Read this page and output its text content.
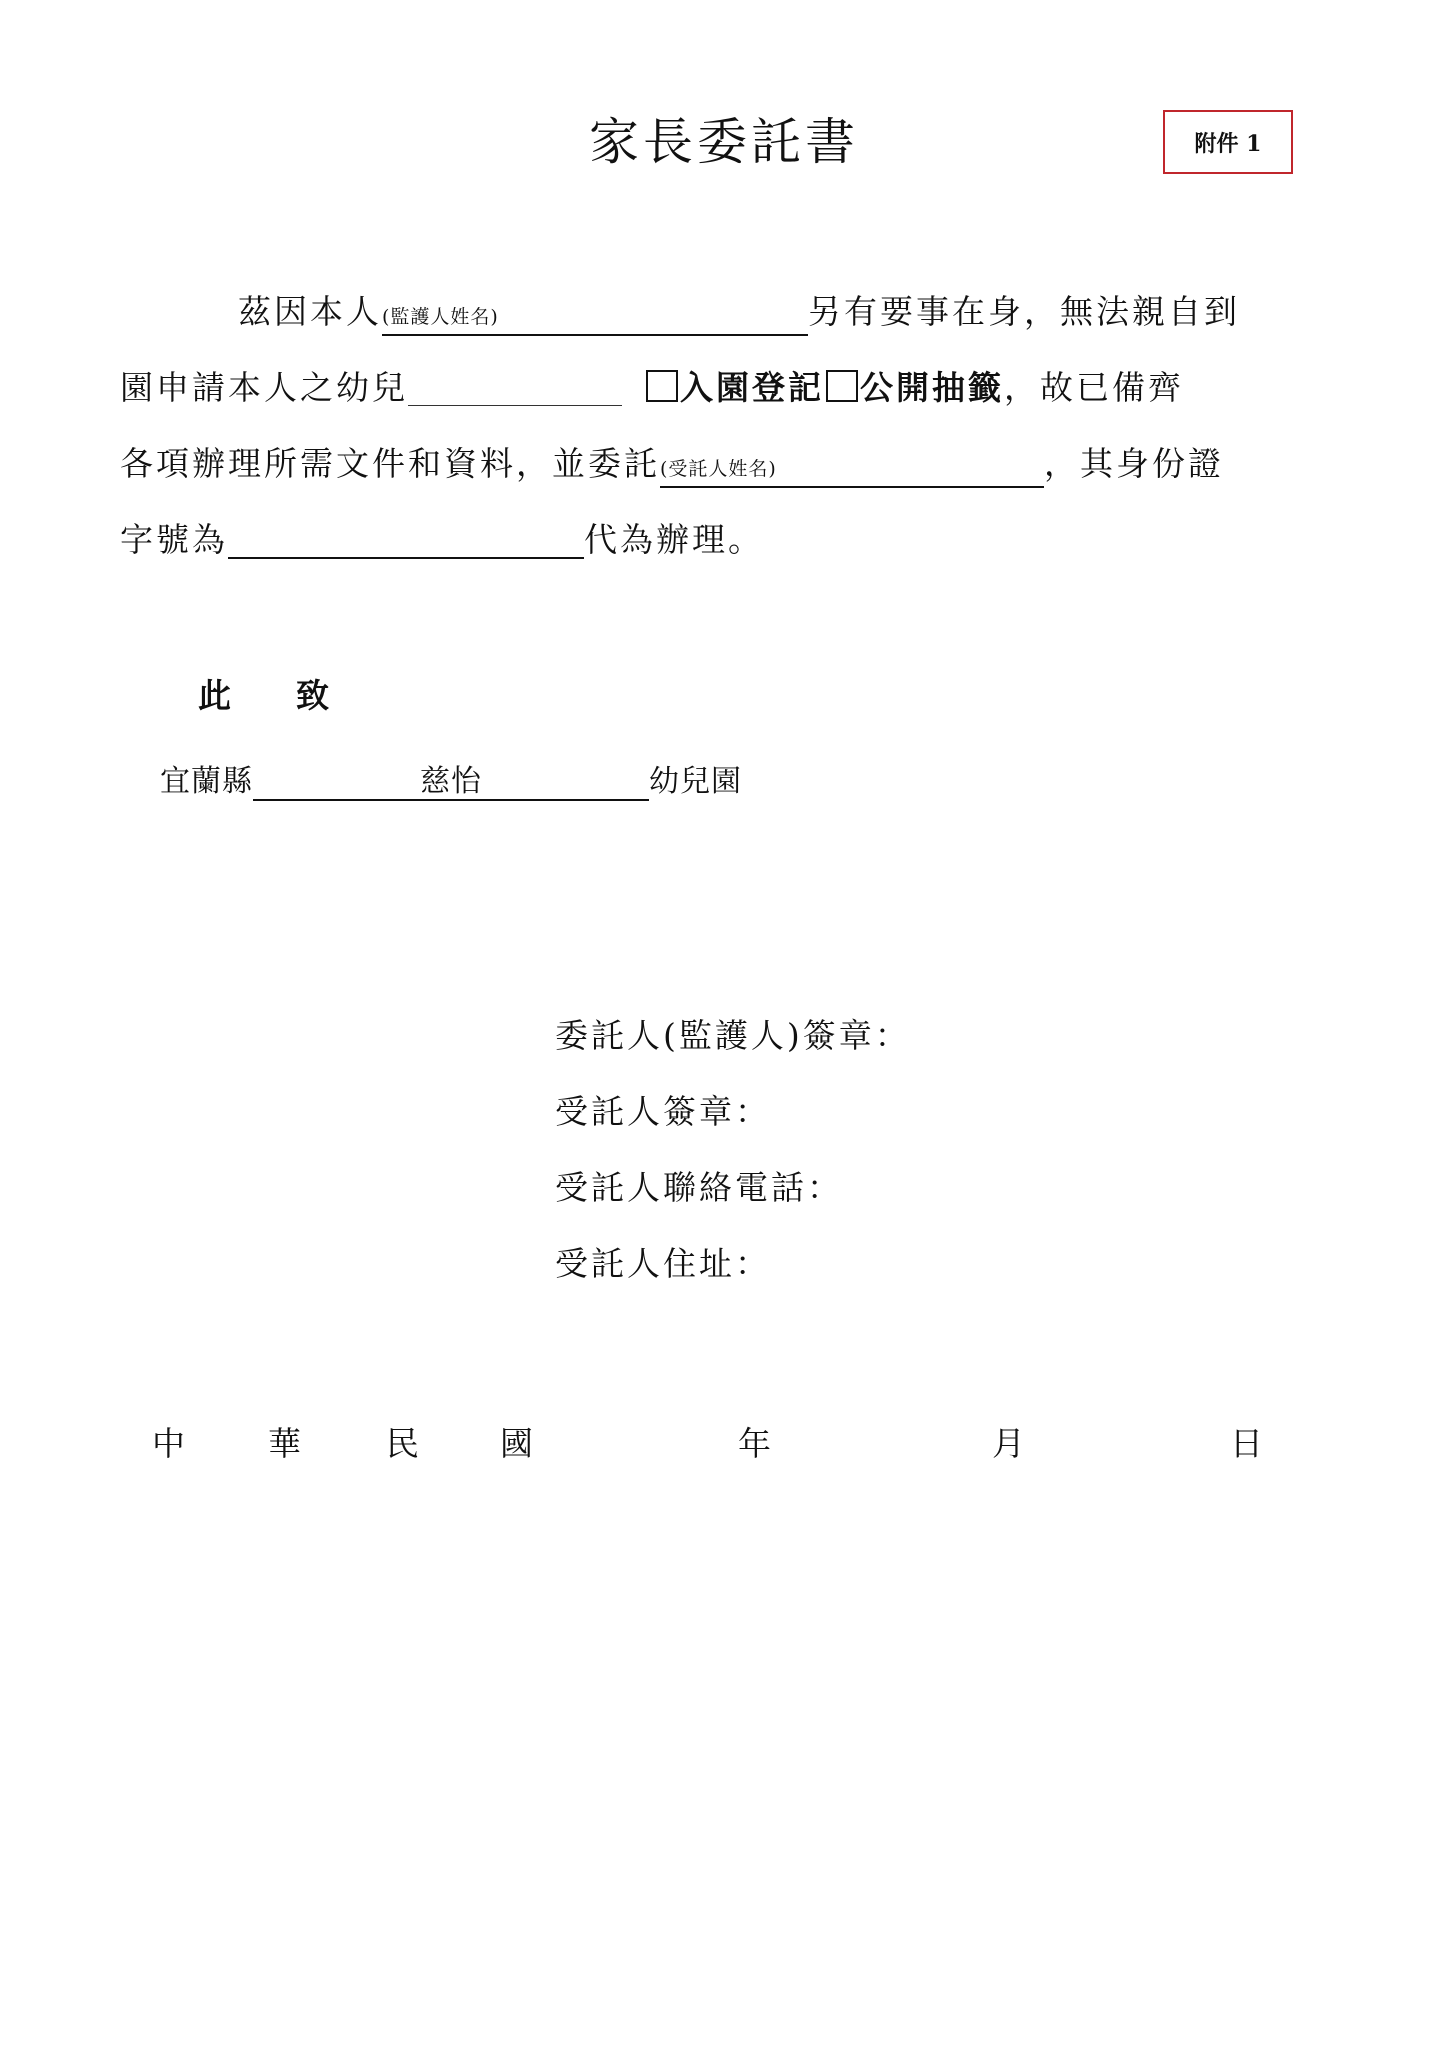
家長委託書	附件 1
茲因本人(監護人姓名)	另有要事在身，無法親自到
園申請本人之幼兒	入園登記 公開抽籤，故已備齊
各項辦理所需文件和資料，並委託(受託人姓名)	，其身份證
字號為	代為辦理。
此 致
宜蘭縣	慈怡	幼兒園
委託人(監護人)簽章：
受託人簽章：
受託人聯絡電話：
受託人住址：
中	華	民 國	年	月	日
